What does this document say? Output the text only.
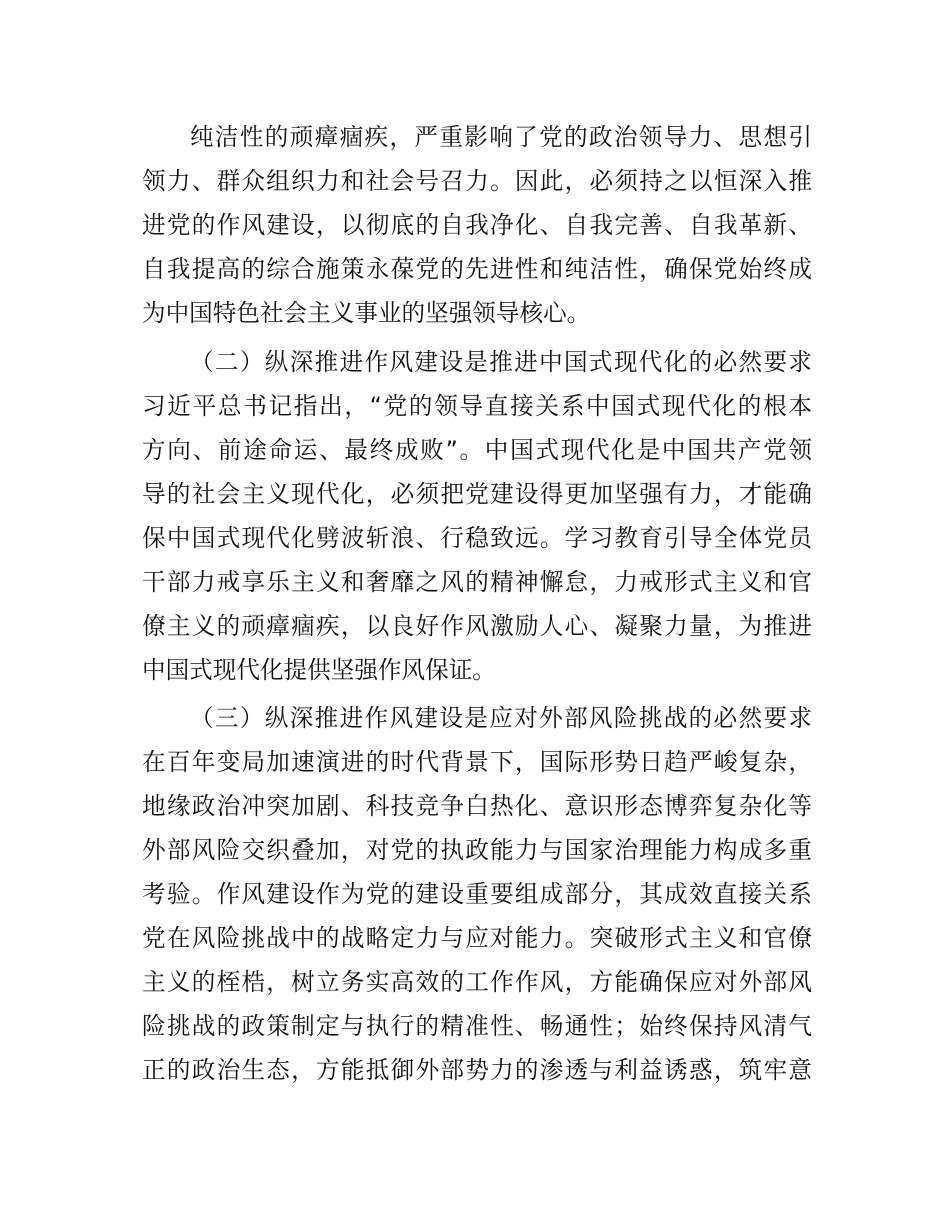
纯洁性的顽瘴痼疾，严重影响了党的政治领导力、思想引
领力、群众组织力和社会号召力。因此，必须持之以恒深入推
进党的作风建设，以彻底的自我净化、自我完善、自我革新、
自我提高的综合施策永葆党的先进性和纯洁性，确保党始终成
为中国特色社会主义事业的坚强领导核心。
（二）纵深推进作风建设是推进中国式现代化的必然要求
习近平总书记指出，“党的领导直接关系中国式现代化的根本
方向、前途命运、最终成败”。中国式现代化是中国共产党领
导的社会主义现代化，必须把党建设得更加坚强有力，才能确
保中国式现代化劈波斩浪、行稳致远。学习教育引导全体党员
干部力戒享乐主义和奢靡之风的精神懈怠，力戒形式主义和官
僚主义的顽瘴痼疾，以良好作风激励人心、凝聚力量，为推进
中国式现代化提供坚强作风保证。
（三）纵深推进作风建设是应对外部风险挑战的必然要求
在百年变局加速演进的时代背景下，国际形势日趋严峻复杂，
地缘政治冲突加剧、科技竞争白热化、意识形态博弈复杂化等
外部风险交织叠加，对党的执政能力与国家治理能力构成多重
考验。作风建设作为党的建设重要组成部分，其成效直接关系
党在风险挑战中的战略定力与应对能力。突破形式主义和官僚
主义的桎梏，树立务实高效的工作作风，方能确保应对外部风
险挑战的政策制定与执行的精准性、畅通性；始终保持风清气
正的政治生态，方能抵御外部势力的渗透与利益诱惑，筑牢意
